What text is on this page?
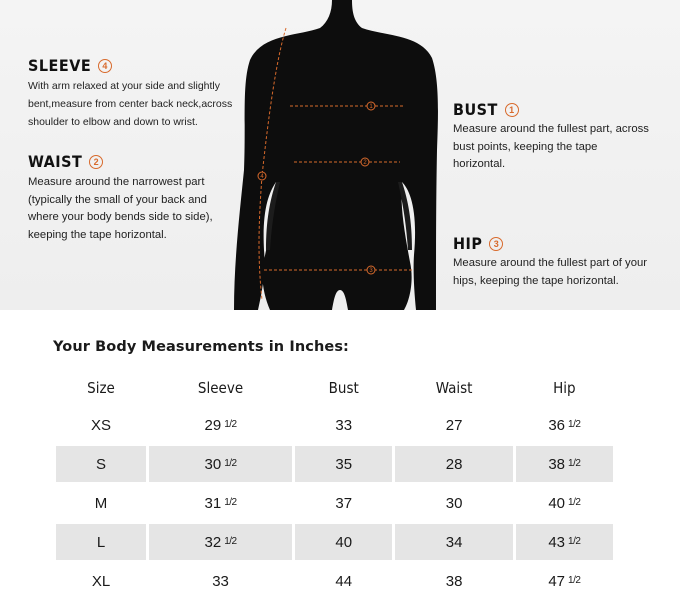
1
2
3
4
SLEEVE	4
With arm relaxed at your side and slightly
bent,measure from center back neck,across
shoulder to elbow and down to wrist.
WAIST	2
Measure around the narrowest part
(typically the small of your back and
where your body bends side to side),
keeping the tape horizontal.
BUST	1
Measure around the fullest part, across
bust points, keeping the tape
horizontal.
HIP	3
Measure around the fullest part of your
hips, keeping the tape horizontal.
Your Body Measurements in Inches:
Size	Sleeve	Bust	Waist	Hip
XS	29 $^{1/2}$	33	27	36 $^{1/2}$
S	30 $^{1/2}$	35	28	38 $^{1/2}$
M	31 $^{1/2}$	37	30	40 $^{1/2}$
L	32 $^{1/2}$	40	34	43 $^{1/2}$
XL	33	44	38	47 $^{1/2}$
